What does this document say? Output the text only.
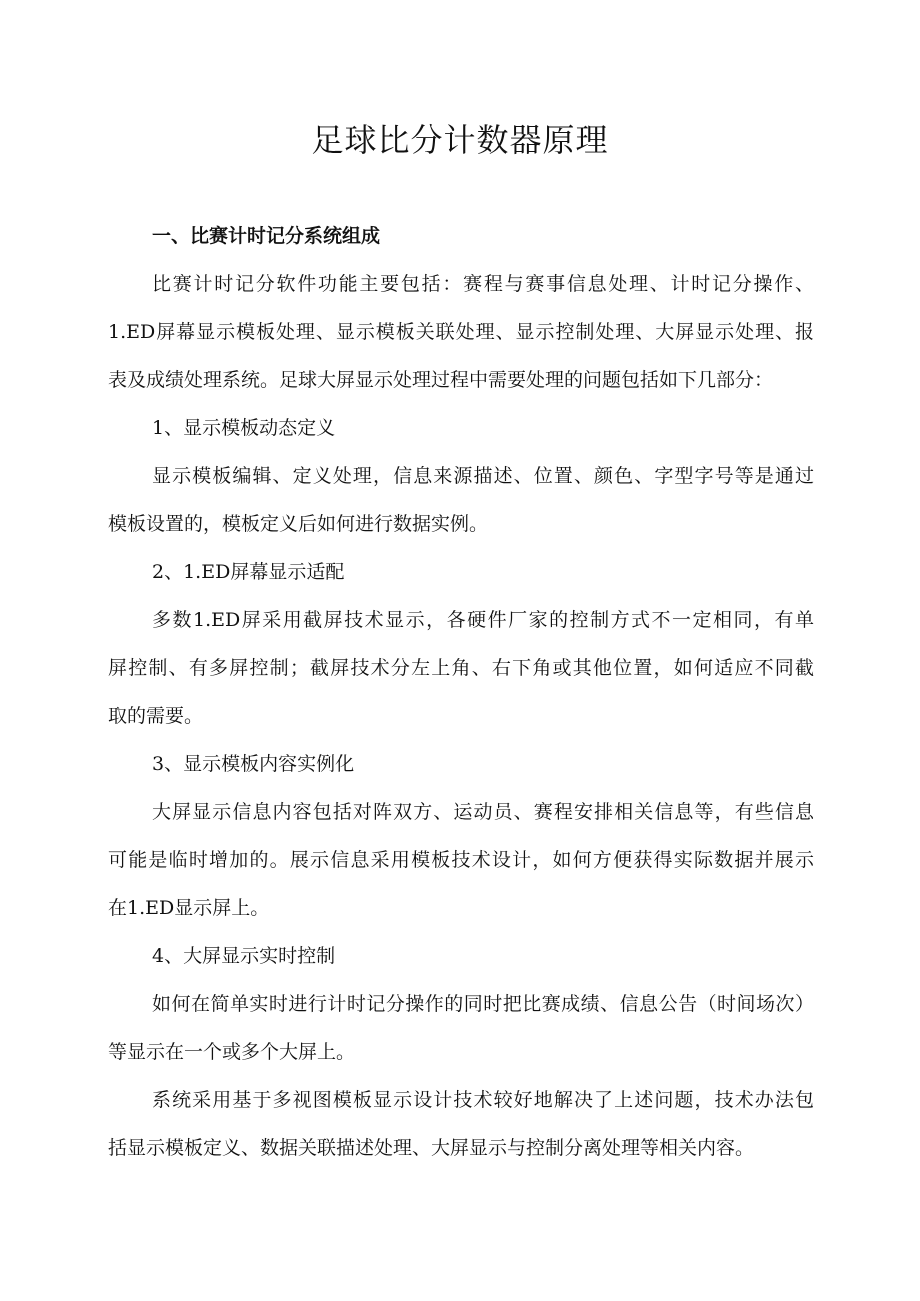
足球比分计数器原理

一、比赛计时记分系统组成

比赛计时记分软件功能主要包括：赛程与赛事信息处理、计时记分操作、

1.ED屏幕显示模板处理、显示模板关联处理、显示控制处理、大屏显示处理、报

表及成绩处理系统。足球大屏显示处理过程中需要处理的问题包括如下几部分：

1、显示模板动态定义

显示模板编辑、定义处理，信息来源描述、位置、颜色、字型字号等是通过

模板设置的，模板定义后如何进行数据实例。

2、1.ED屏幕显示适配

多数1.ED屏采用截屏技术显示，各硬件厂家的控制方式不一定相同，有单

屏控制、有多屏控制；截屏技术分左上角、右下角或其他位置，如何适应不同截

取的需要。

3、显示模板内容实例化

大屏显示信息内容包括对阵双方、运动员、赛程安排相关信息等，有些信息

可能是临时增加的。展示信息采用模板技术设计，如何方便获得实际数据并展示

在1.ED显示屏上。

4、大屏显示实时控制

如何在简单实时进行计时记分操作的同时把比赛成绩、信息公告（时间场次）

等显示在一个或多个大屏上。

系统采用基于多视图模板显示设计技术较好地解决了上述问题，技术办法包

括显示模板定义、数据关联描述处理、大屏显示与控制分离处理等相关内容。
